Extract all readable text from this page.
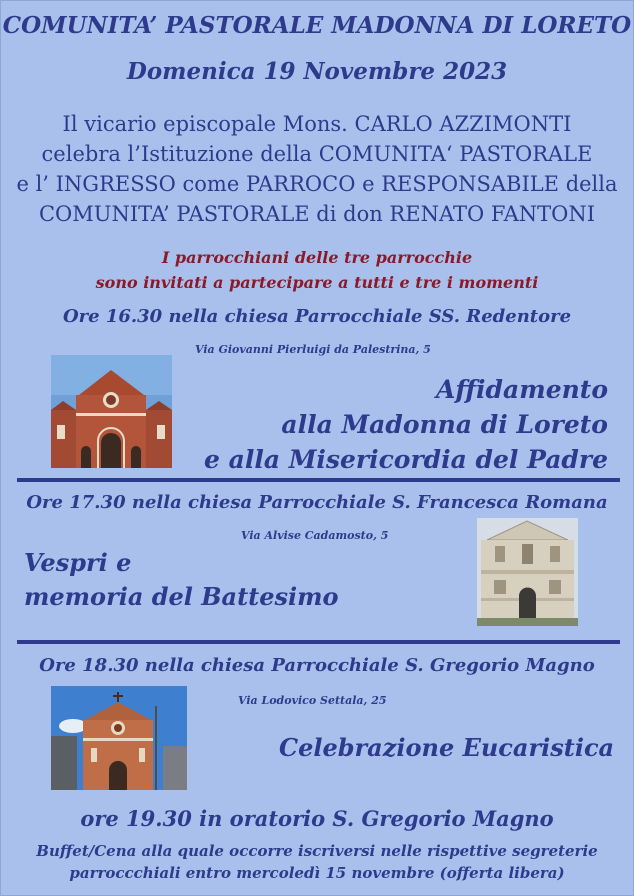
COMUNITA’ PASTORALE MADONNA DI LORETO
Domenica 19 Novembre 2023
Il vicario episcopale Mons. CARLO AZZIMONTI
celebra l’Istituzione della COMUNITA‘ PASTORALE
e l’ INGRESSO come PARROCO e RESPONSABILE della
COMUNITA’ PASTORALE di don RENATO FANTONI
I parrocchiani delle tre parrocchie
sono invitati a partecipare a tutti e tre i momenti
Ore 16.30 nella chiesa Parrocchiale SS. Redentore
Via Giovanni Pierluigi da Palestrina, 5
Affidamento
alla Madonna di Loreto
e alla Misericordia del Padre
Ore 17.30 nella chiesa Parrocchiale S. Francesca Romana
Via Alvise Cadamosto, 5
Vespri e
memoria del Battesimo
Ore 18.30 nella chiesa Parrocchiale S. Gregorio Magno
Via Lodovico Settala, 25
Celebrazione Eucaristica
ore 19.30 in oratorio S. Gregorio Magno
Buffet/Cena alla quale occorre iscriversi nelle rispettive segreterie
parroccchiali entro mercoledì 15 novembre (offerta libera)
